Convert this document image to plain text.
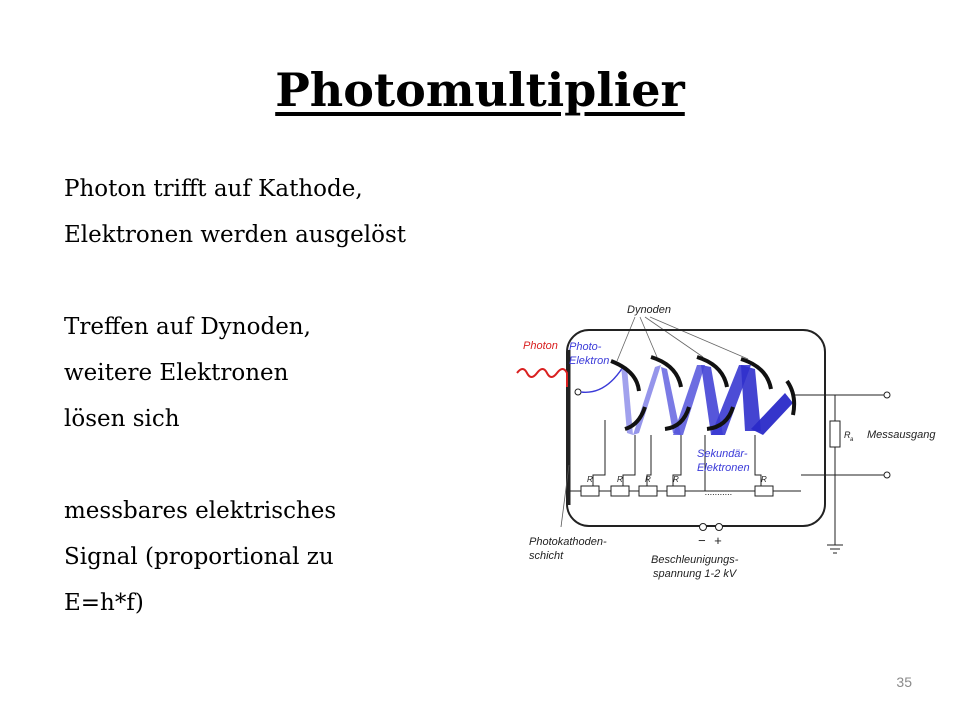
Photomultiplier
Photon trifft auf Kathode,
Elektronen werden ausgelöst
Treffen auf Dynoden,
weitere Elektronen
lösen sich
messbares elektrisches
Signal (proportional zu
E=h*f)
Dynoden
Photon Photo-
Elektron
Sekundär-
Elektronen
R	R	R	R	R
...........
R a Messausgang
− +
Beschleunigungs-
spannung 1-2 kV
Photokathoden-
schicht
35
